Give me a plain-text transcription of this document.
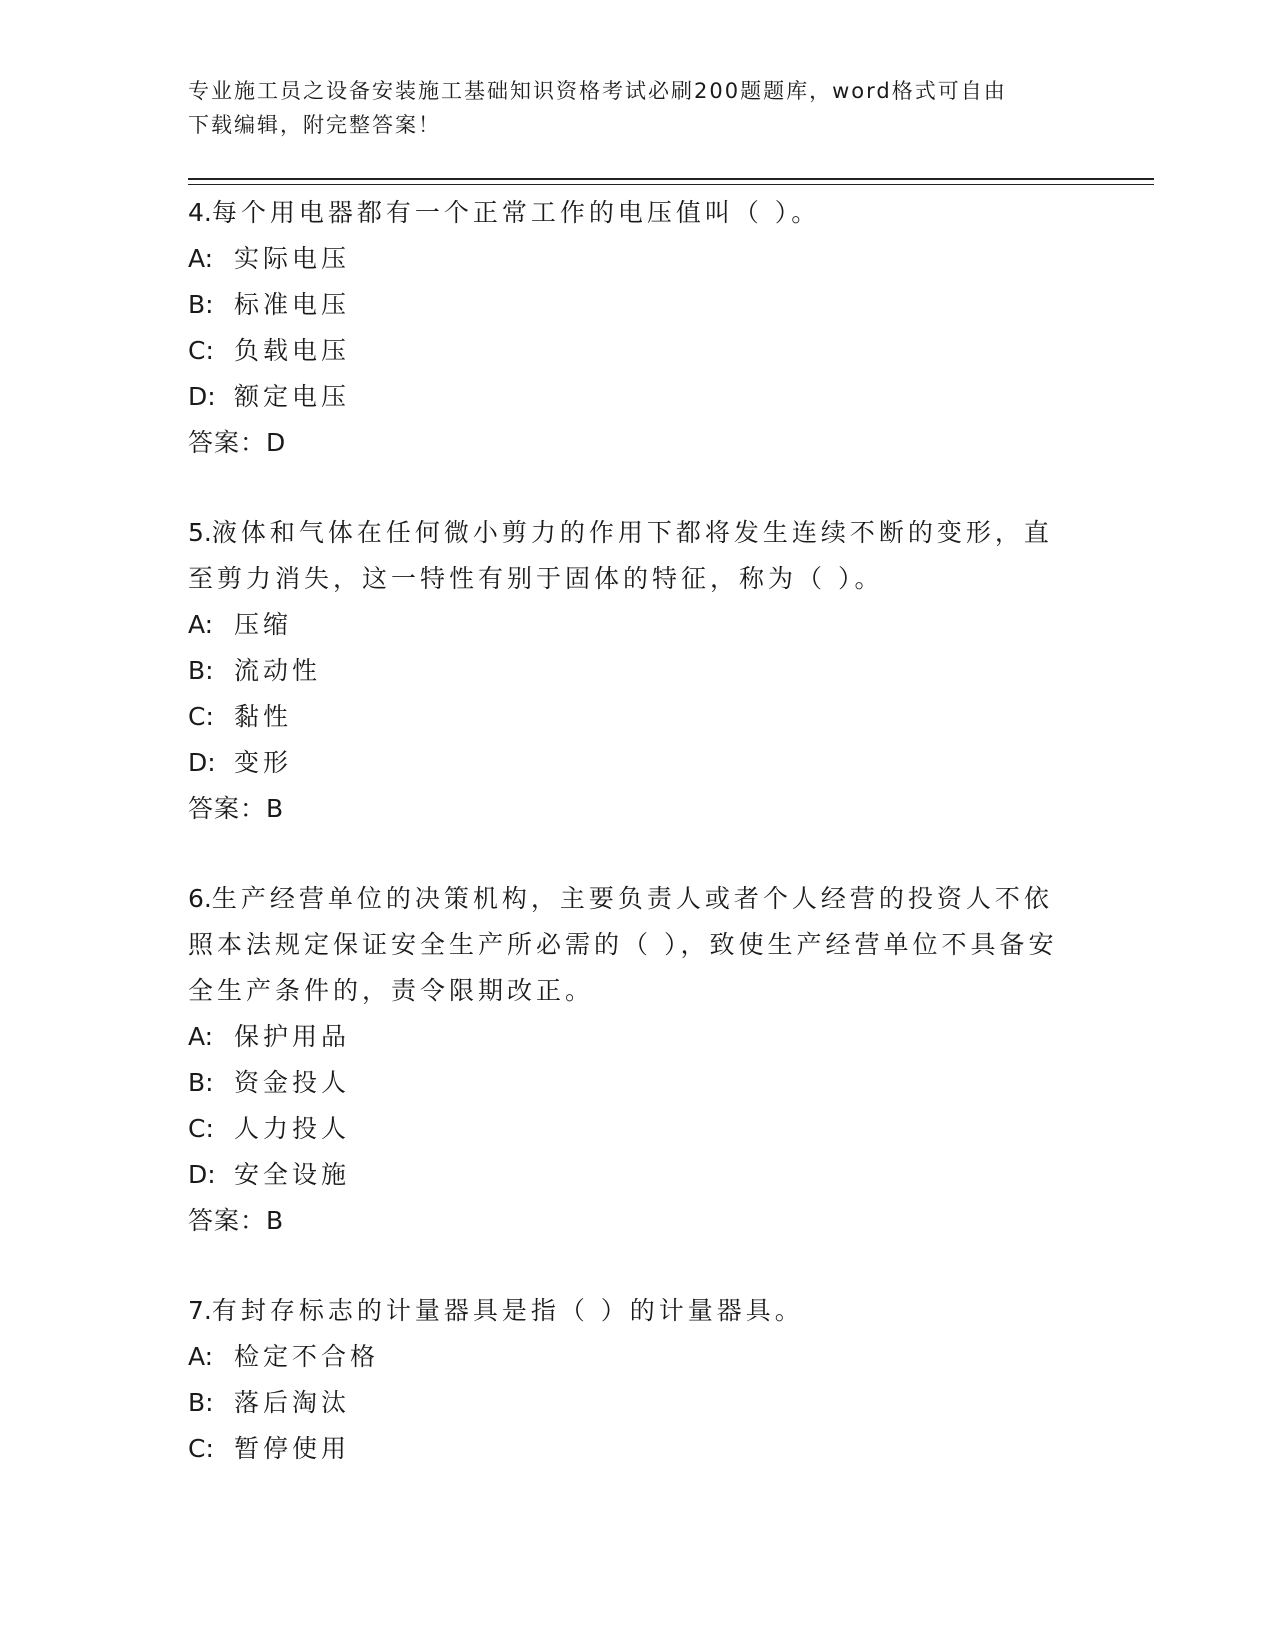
专业施工员之设备安装施工基础知识资格考试必刷200题题库，word格式可自由
下载编辑，附完整答案！
4.每个用电器都有一个正常工作的电压值叫（ ）。
A: 实际电压
B: 标准电压
C: 负载电压
D: 额定电压
答案：D
5.液体和气体在任何微小剪力的作用下都将发生连续不断的变形，直
至剪力消失，这一特性有别于固体的特征，称为（ ）。
A: 压缩
B: 流动性
C: 黏性
D: 变形
答案：B
6.生产经营单位的决策机构，主要负责人或者个人经营的投资人不依
照本法规定保证安全生产所必需的（ ），致使生产经营单位不具备安
全生产条件的，责令限期改正。
A: 保护用品
B: 资金投人
C: 人力投人
D: 安全设施
答案：B
7.有封存标志的计量器具是指（ ）的计量器具。
A: 检定不合格
B: 落后淘汰
C: 暂停使用
